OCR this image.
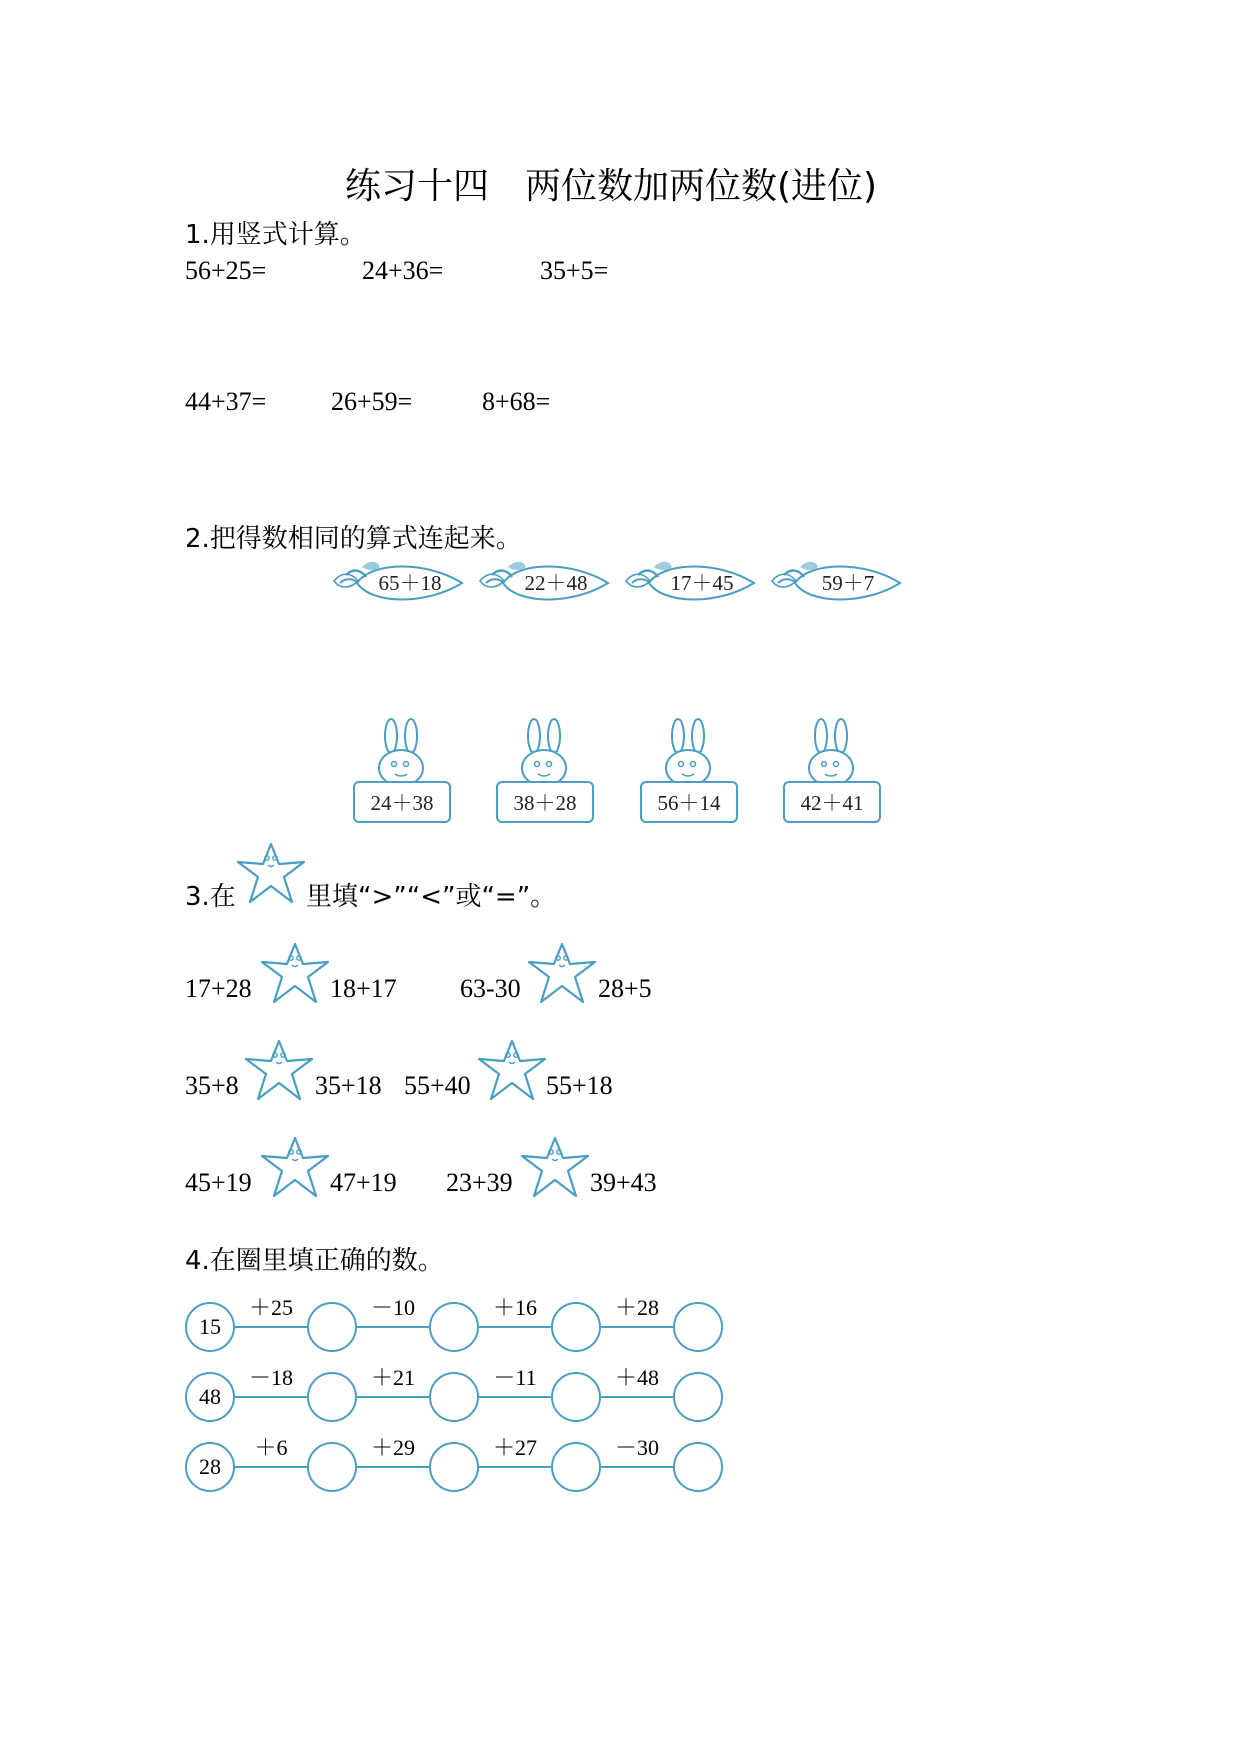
练习十四　两位数加两位数(进位)
1.用竖式计算。
56+25=	24+36=	35+5=
44+37= 26+59=	8+68=
2.把得数相同的算式连起来。
65＋18	22＋48	17＋45	59＋7
24＋38	38＋28	56＋14	42＋41
3.在	里填“>”“<”或“=”。
17+28	18+17 63-30	28+5
35+8	35+18 55+40	55+18
45+19	47+19 23+39	39+43
4.在圈里填正确的数。
15
＋25	－10	＋16	＋28
48
－18	＋21	－11	＋48
28
＋6	＋29	＋27	－30
